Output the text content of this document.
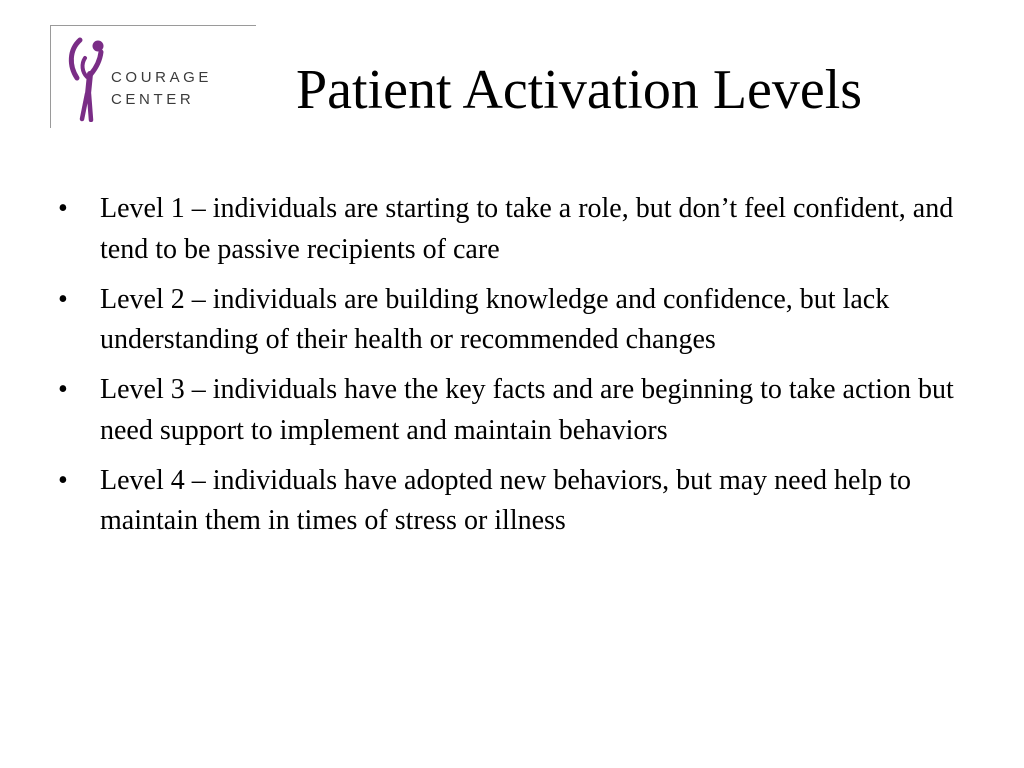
COURAGE
CENTER Patient Activation Levels
• Level 1 – individuals are starting to take a role, but don’t feel confident, and tend to be passive recipients of care
• Level 2 – individuals are building knowledge and confidence, but lack understanding of their health or recommended changes
• Level 3 – individuals have the key facts and are beginning to take action but need support to implement and maintain behaviors
• Level 4 – individuals have adopted new behaviors, but may need help to maintain them in times of stress or illness
